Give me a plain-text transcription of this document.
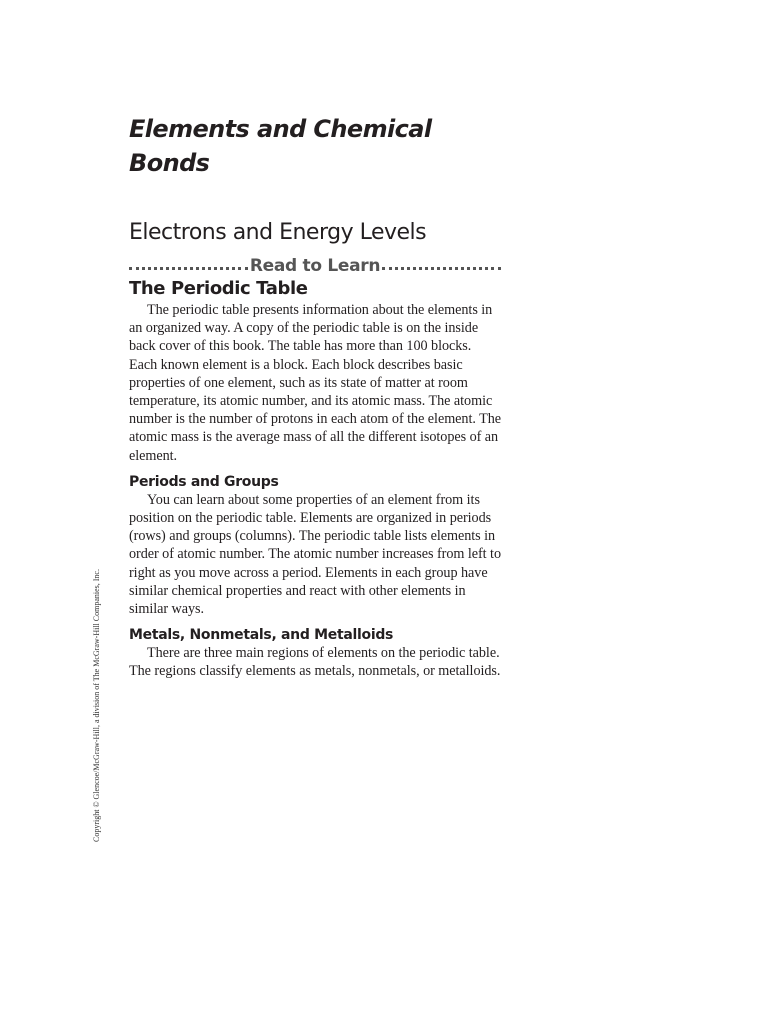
Elements and Chemical Bonds
Electrons and Energy Levels
Read to Learn
The Periodic Table

The periodic table presents information about the elements in an organized way. A copy of the periodic table is on the inside back cover of this book. The table has more than 100 blocks. Each known element is a block. Each block describes basic properties of one element, such as its state of matter at room temperature, its atomic number, and its atomic mass. The atomic number is the number of protons in each atom of the element. The atomic mass is the average mass of all the different isotopes of an element.

Periods and Groups

You can learn about some properties of an element from its position on the periodic table. Elements are organized in periods (rows) and groups (columns). The periodic table lists elements in order of atomic number. The atomic number increases from left to right as you move across a period. Elements in each group have similar chemical properties and react with other elements in similar ways.

Metals, Nonmetals, and Metalloids

There are three main regions of elements on the periodic table. The regions classify elements as metals, nonmetals, or metalloids.

Copyright © Glencoe/McGraw-Hill, a division of The McGraw-Hill Companies, Inc.
